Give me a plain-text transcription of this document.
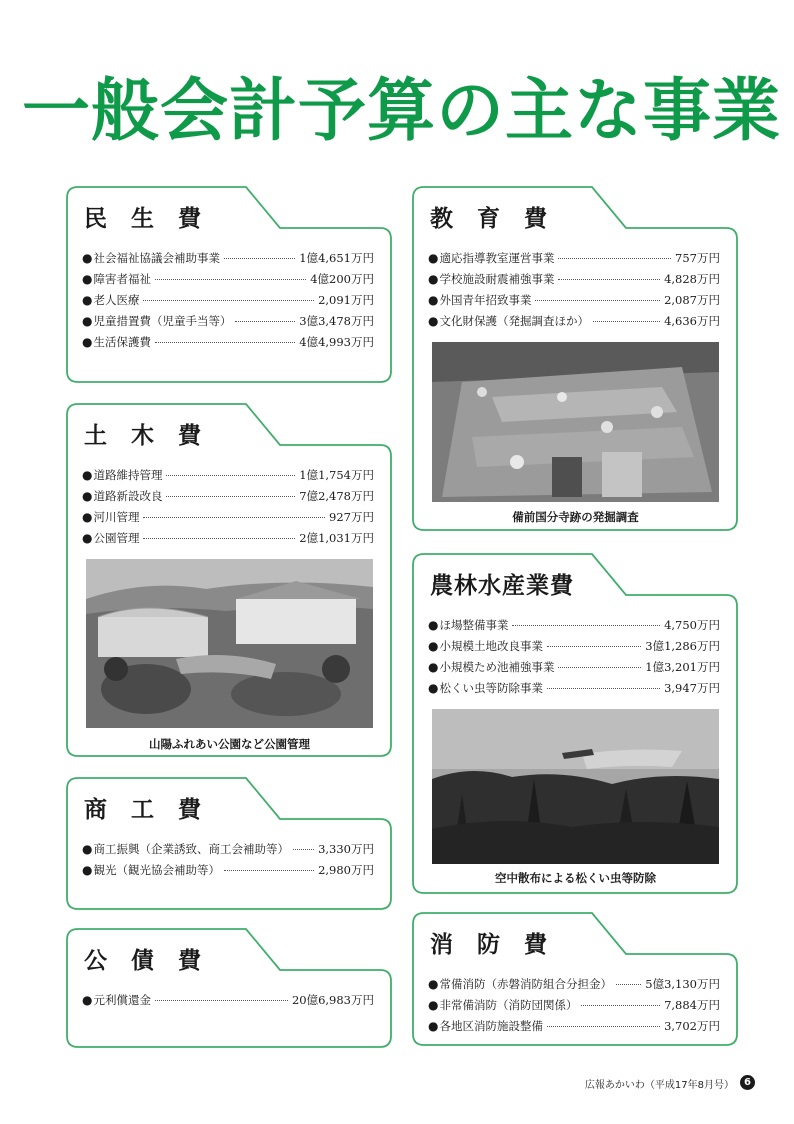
一般会計予算の主な事業
民生費
● 社会福祉協議会補助事業	1億4,651万円
● 障害者福祉	4億200万円
● 老人医療	2,091万円
● 児童措置費（児童手当等）	3億3,478万円
● 生活保護費	4億4,993万円
土木費
● 道路維持管理	1億1,754万円
● 道路新設改良	7億2,478万円
● 河川管理	927万円
● 公園管理	2億1,031万円
山陽ふれあい公園など公園管理
商工費
● 商工振興（企業誘致、商工会補助等）	3,330万円
● 観光（観光協会補助等）	2,980万円
公債費
● 元利償還金	20億6,983万円
教育費
● 適応指導教室運営事業	757万円
● 学校施設耐震補強事業	4,828万円
● 外国青年招致事業	2,087万円
● 文化財保護（発掘調査ほか）	4,636万円
備前国分寺跡の発掘調査
農林水産業費
● ほ場整備事業	4,750万円
● 小規模土地改良事業	3億1,286万円
● 小規模ため池補強事業	1億3,201万円
● 松くい虫等防除事業	3,947万円
空中散布による松くい虫等防除
消防費
● 常備消防（赤磐消防組合分担金）	5億3,130万円
● 非常備消防（消防団関係）	7,884万円
● 各地区消防施設整備	3,702万円
広報あかいわ（平成17年8月号）	6
